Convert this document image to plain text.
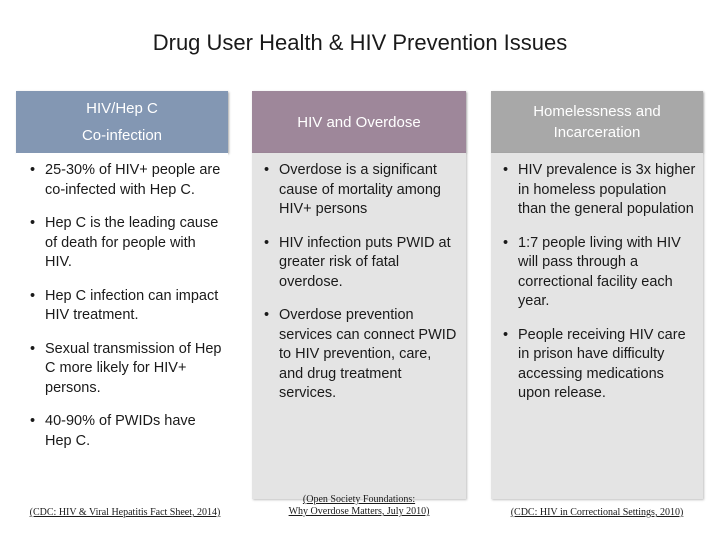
Drug User Health & HIV Prevention Issues
HIV/Hep C
Co-infection
• 25-30% of HIV+ people are co-infected with Hep C.
• Hep C is the leading cause of death for people with HIV.
• Hep C infection can impact HIV treatment.
• Sexual transmission of Hep C more likely for HIV+ persons.
• 40-90% of PWIDs have Hep C.
(CDC: HIV & Viral Hepatitis Fact Sheet, 2014)
HIV and Overdose
• Overdose is a significant cause of mortality among HIV+ persons
• HIV infection puts PWID at greater risk of fatal overdose.
• Overdose prevention services can connect PWID to HIV prevention, care, and drug treatment services.
(Open Society Foundations:
Why Overdose Matters, July 2010)
Homelessness and
Incarceration
• HIV prevalence is 3x higher in homeless population than the general population
• 1:7 people living with HIV will pass through a correctional facility each year.
• People receiving HIV care in prison have difficulty accessing medications upon release.
(CDC: HIV in Correctional Settings, 2010)
